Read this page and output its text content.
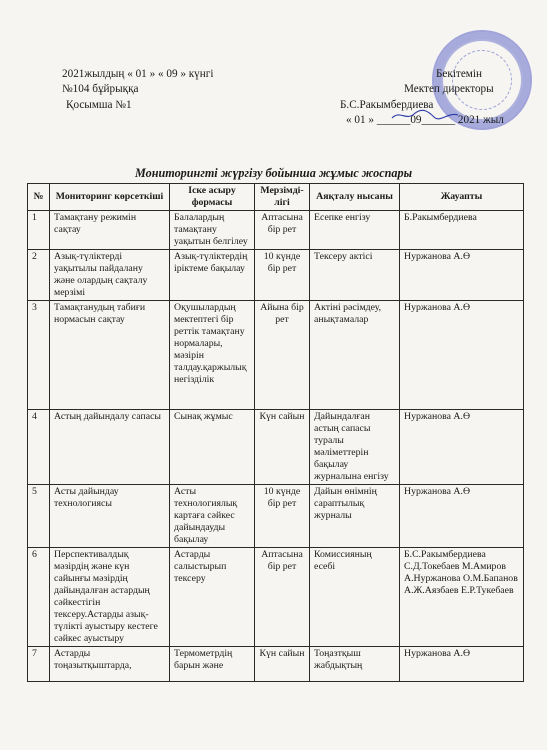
2021жылдың « 01 » « 09 » күнгі
№104 бұйрыққа
Қосымша №1
Бекітемін
Мектеп директоры
Б.С.Ракымбердиева
« 01 » ______09______ 2021 жыл
Мониторингті жүргізу бойынша жұмыс жоспары
№	Мониторинг көрсеткіші	Іске асыру формасы	Мерзімді-лігі	Аяқталу нысаны	Жауапты
1	Тамақтану режимін сақтау	Балалардың тамақтану уақытын белгілеу	Аптасына бір рет	Есепке енгізу	Б.Ракымбердиева
2	Азық-түліктерді уақытылы пайдалану және олардың сақталу мерзімі	Азық-түліктердің іріктеме бақылау	10 күнде бір рет	Тексеру актісі	Нуржанова А.Ө
3	Тамақтанудың табиғи нормасын сақтау	Оқушылардың мектептегі бір реттік тамақтану нормалары, мәзірін талдау.қаржылық негізділік	Айына бір рет	Актіні рәсімдеу, анықтамалар	Нуржанова А.Ө
4	Астың дайындалу сапасы	Сынақ жұмыс	Күн сайын	Дайындалған астың сапасы туралы мәліметтерін бақылау журналына енгізу	Нуржанова А.Ө
5	Асты дайындау технологиясы	Асты технологиялық картаға сәйкес дайындауды бақылау	10 күнде бір рет	Дайын өнімнің сараптылық журналы	Нуржанова А.Ө
6	Перспективалдық мәзірдің және күн сайынғы мәзірдің дайындалған астардың сәйкестігін тексеру.Астарды азық-түлікті ауыстыру кестеге сәйкес ауыстыру	Астарды салыстырып тексеру	Аптасына бір рет	Комиссияның есебі	Б.С.Ракымбердиева С.Д.Токебаев М.Амиров А.Нуржанова О.М.Бапанов А.Ж.Аязбаев Е.Р.Тукебаев
7	Астарды тоңазытқыштарда,	Термометрдің барын және	Күн сайын	Тоңазтқыш жабдықтың	Нуржанова А.Ө
